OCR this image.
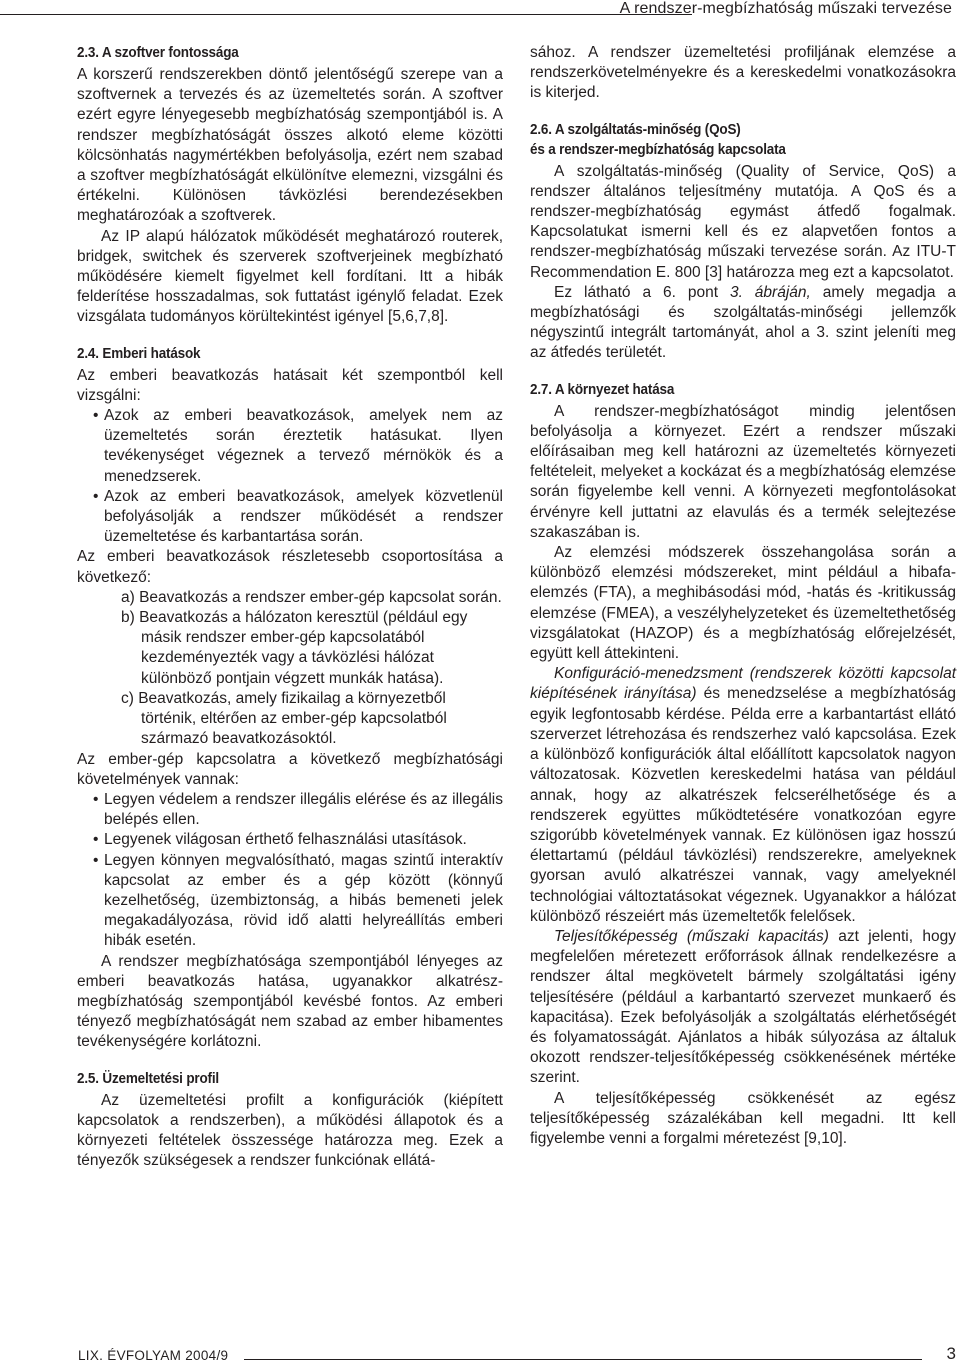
A rendszer-megbízhatóság műszaki tervezése
2.3. A szoftver fontossága

A korszerű rendszerekben döntő jelentőségű szerepe van a szoftvernek a tervezés és az üzemeltetés során. A szoftver ezért egyre lényegesebb megbízhatóság szempontjából is. A rendszer megbízhatóságát összes alkotó eleme közötti kölcsönhatás nagymértékben befolyásolja, ezért nem szabad a szoftver megbízhatóságát elkülönítve elemezni, vizsgálni és értékelni. Különösen távközlési berendezésekben meghatározóak a szoftverek.

Az IP alapú hálózatok működését meghatározó routerek, bridgek, switchek és szerverek szoftverjeinek megbízható működésére kiemelt figyelmet kell fordítani. Itt a hibák felderítése hosszadalmas, sok futtatást igénylő feladat. Ezek vizsgálata tudományos körültekintést igényel [5,6,7,8].

2.4. Emberi hatások

Az emberi beavatkozás hatásait két szempontból kell vizsgálni:

• Azok az emberi beavatkozások, amelyek nem az üzemeltetés során éreztetik hatásukat. Ilyen tevékenységet végeznek a tervező mérnökök és a menedzserek.
• Azok az emberi beavatkozások, amelyek közvetlenül befolyásolják a rendszer működését a rendszer üzemeltetése és karbantartása során.

Az emberi beavatkozások részletesebb csoportosítása a következő:

a) Beavatkozás a rendszer ember-gép kapcsolat során.
b) Beavatkozás a hálózaton keresztül (például egy másik rendszer ember-gép kapcsolatából kezdeményezték vagy a távközlési hálózat különböző pontjain végzett munkák hatása).
c) Beavatkozás, amely fizikailag a környezetből történik, eltérően az ember-gép kapcsolatból származó beavatkozásoktól.

Az ember-gép kapcsolatra a következő megbízhatósági követelmények vannak:

• Legyen védelem a rendszer illegális elérése és az illegális belépés ellen.
• Legyenek világosan érthető felhasználási utasítások.
• Legyen könnyen megvalósítható, magas szintű interaktív kapcsolat az ember és a gép között (könnyű kezelhetőség, üzembiztonság, a hibás bemeneti jelek megakadályozása, rövid idő alatti helyreállítás emberi hibák esetén.

A rendszer megbízhatósága szempontjából lényeges az emberi beavatkozás hatása, ugyanakkor alkatrész-megbízhatóság szempontjából kevésbé fontos. Az emberi tényező megbízhatóságát nem szabad az ember hibamentes tevékenységére korlátozni.

2.5. Üzemeltetési profil

Az üzemeltetési profilt a konfigurációk (kiépített kapcsolatok a rendszerben), a működési állapotok és a környezeti feltételek összessége határozza meg. Ezek a tényezők szükségesek a rendszer funkciónak ellátá-

sához. A rendszer üzemeltetési profiljának elemzése a rendszerkövetelményekre és a kereskedelmi vonatkozásokra is kiterjed.

2.6. A szolgáltatás-minőség (QoS)
és a rendszer-megbízhatóság kapcsolata

A szolgáltatás-minőség (Quality of Service, QoS) a rendszer általános teljesítmény mutatója. A QoS és a rendszer-megbízhatóság egymást átfedő fogalmak. Kapcsolatukat ismerni kell és ez alapvetően fontos a rendszer-megbízhatóság műszaki tervezése során. Az ITU-T Recommendation E. 800 [3] határozza meg ezt a kapcsolatot.

Ez látható a 6. pont 3. ábráján, amely megadja a megbízhatósági és szolgáltatás-minőségi jellemzők négyszintű integrált tartományát, ahol a 3. szint jeleníti meg az átfedés területét.

2.7. A környezet hatása

A rendszer-megbízhatóságot mindig jelentősen befolyásolja a környezet. Ezért a rendszer műszaki előírásaiban meg kell határozni az üzemeltetés környezeti feltételeit, melyeket a kockázat és a megbízhatóság elemzése során figyelembe kell venni. A környezeti megfontolásokat érvényre kell juttatni az elavulás és a termék selejtezése szakaszában is.

Az elemzési módszerek összehangolása során a különböző elemzési módszereket, mint például a hibafa-elemzés (FTA), a meghibásodási mód, -hatás és -kritikusság elemzése (FMEA), a veszélyhelyzeteket és üzemeltethetőség vizsgálatokat (HAZOP) és a megbízhatóság előrejelzését, együtt kell áttekinteni.

Konfiguráció-menedzsment (rendszerek közötti kapcsolat kiépítésének irányítása) és menedzselése a megbízhatóság egyik legfontosabb kérdése. Példa erre a karbantartást ellátó szerverzet létrehozása és rendszerhez való kapcsolása. Ezek a különböző konfigurációk által előállított kapcsolatok nagyon változatosak. Közvetlen kereskedelmi hatása van például annak, hogy az alkatrészek felcserélhetősége és a rendszerek együttes működtetésére vonatkozóan egyre szigorúbb követelmények vannak. Ez különösen igaz hosszú élettartamú (például távközlési) rendszerekre, amelyeknek gyorsan avuló alkatrészei vannak, vagy amelyeknél technológiai változtatásokat végeznek. Ugyanakkor a hálózat különböző részeiért más üzemeltetők felelősek.

Teljesítőképesség (műszaki kapacitás) azt jelenti, hogy megfelelően méretezett erőforrások állnak rendelkezésre a rendszer által megkövetelt bármely szolgáltatási igény teljesítésére (például a karbantartó szervezet munkaerő és kapacitása). Ezek befolyásolják a szolgáltatás elérhetőségét és folyamatosságát. Ajánlatos a hibák súlyozása az általuk okozott rendszer-teljesítőképesség csökkenésének mértéke szerint.

A teljesítőképesség csökkenését az egész teljesítőképesség százalékában kell megadni. Itt kell figyelembe venni a forgalmi méretezést [9,10].

LIX. ÉVFOLYAM 2004/9	3
